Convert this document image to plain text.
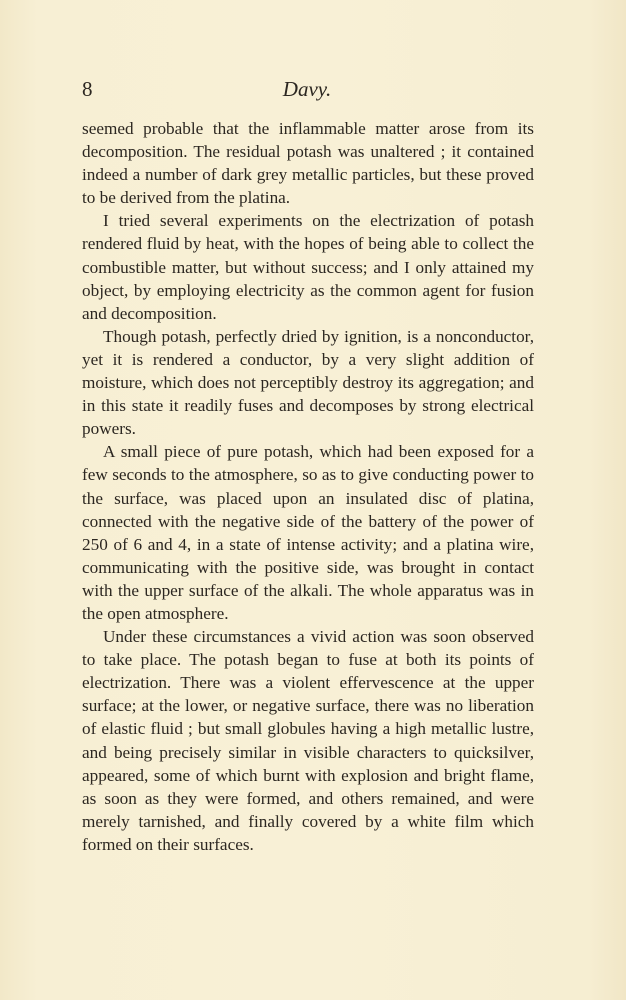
8	Davy.

seemed probable that the inflammable matter arose from its decomposition. The residual potash was unaltered ; it contained indeed a number of dark grey metallic particles, but these proved to be derived from the platina.

I tried several experiments on the electrization of potash rendered fluid by heat, with the hopes of being able to collect the combustible matter, but without success; and I only attained my object, by employing electricity as the common agent for fusion and decomposition.

Though potash, perfectly dried by ignition, is a nonconductor, yet it is rendered a conductor, by a very slight addition of moisture, which does not perceptibly destroy its aggregation; and in this state it readily fuses and decomposes by strong electrical powers.

A small piece of pure potash, which had been exposed for a few seconds to the atmosphere, so as to give conducting power to the surface, was placed upon an insulated disc of platina, connected with the negative side of the battery of the power of 250 of 6 and 4, in a state of intense activity; and a platina wire, communicating with the positive side, was brought in contact with the upper surface of the alkali. The whole apparatus was in the open atmosphere.

Under these circumstances a vivid action was soon observed to take place. The potash began to fuse at both its points of electrization. There was a violent effervescence at the upper surface; at the lower, or negative surface, there was no liberation of elastic fluid ; but small globules having a high metallic lustre, and being precisely similar in visible characters to quicksilver, appeared, some of which burnt with explosion and bright flame, as soon as they were formed, and others remained, and were merely tarnished, and finally covered by a white film which formed on their surfaces.
